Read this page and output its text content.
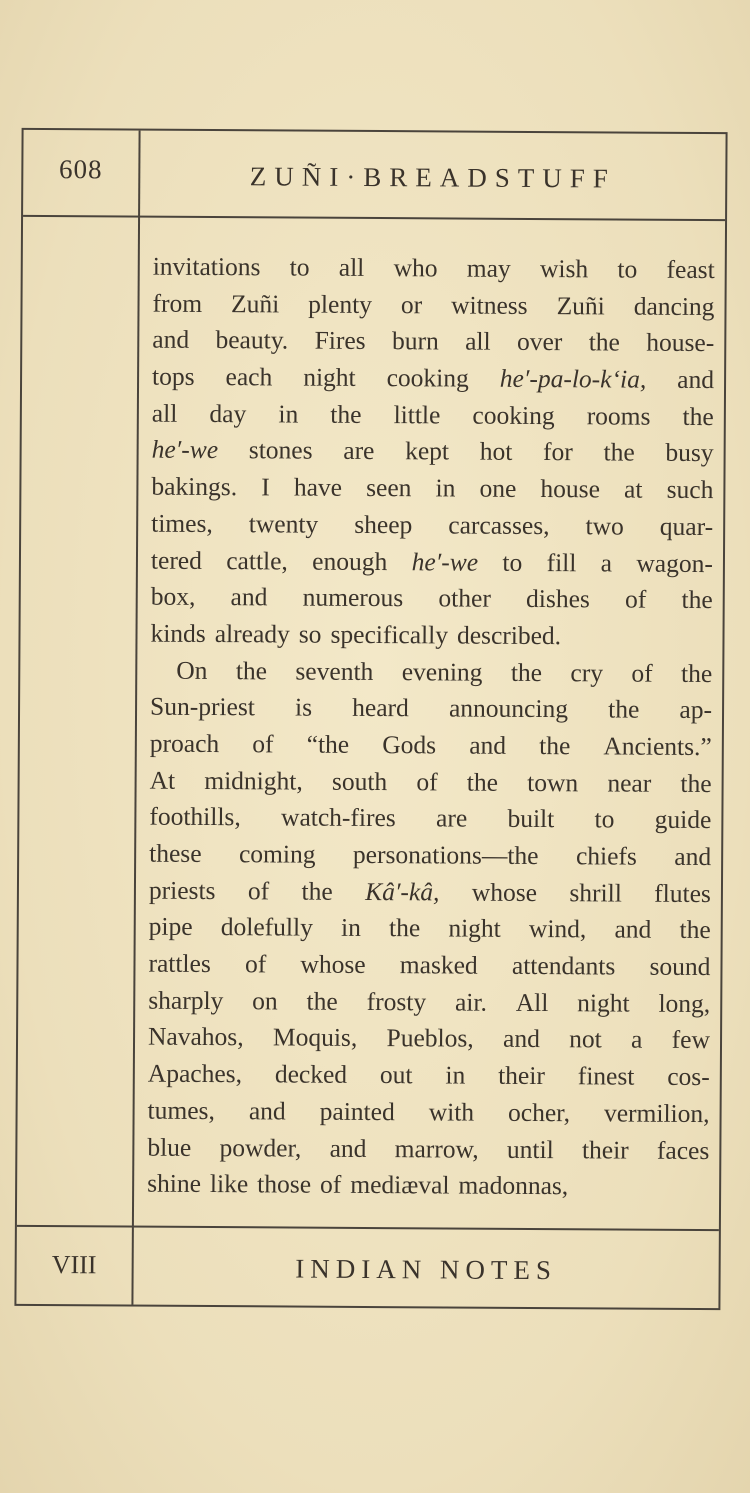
608	ZUÑI·BREADSTUFF
invitations to all who may wish to feast
from Zuñi plenty or witness Zuñi dancing
and beauty. Fires burn all over the house-
tops each night cooking he′-pa-lo-k‘ia, and
all day in the little cooking rooms the
he′-we stones are kept hot for the busy
bakings. I have seen in one house at such
times, twenty sheep carcasses, two quar-
tered cattle, enough he′-we to fill a wagon-
box, and numerous other dishes of the
kinds already so specifically described.
On the seventh evening the cry of the
Sun-priest is heard announcing the ap-
proach of “the Gods and the Ancients.”
At midnight, south of the town near the
foothills, watch-fires are built to guide
these coming personations—the chiefs and
priests of the Kâ′-kâ, whose shrill flutes
pipe dolefully in the night wind, and the
rattles of whose masked attendants sound
sharply on the frosty air. All night long,
Navahos, Moquis, Pueblos, and not a few
Apaches, decked out in their finest cos-
tumes, and painted with ocher, vermilion,
blue powder, and marrow, until their faces
shine like those of mediæval madonnas,
VIII	INDIAN NOTES
